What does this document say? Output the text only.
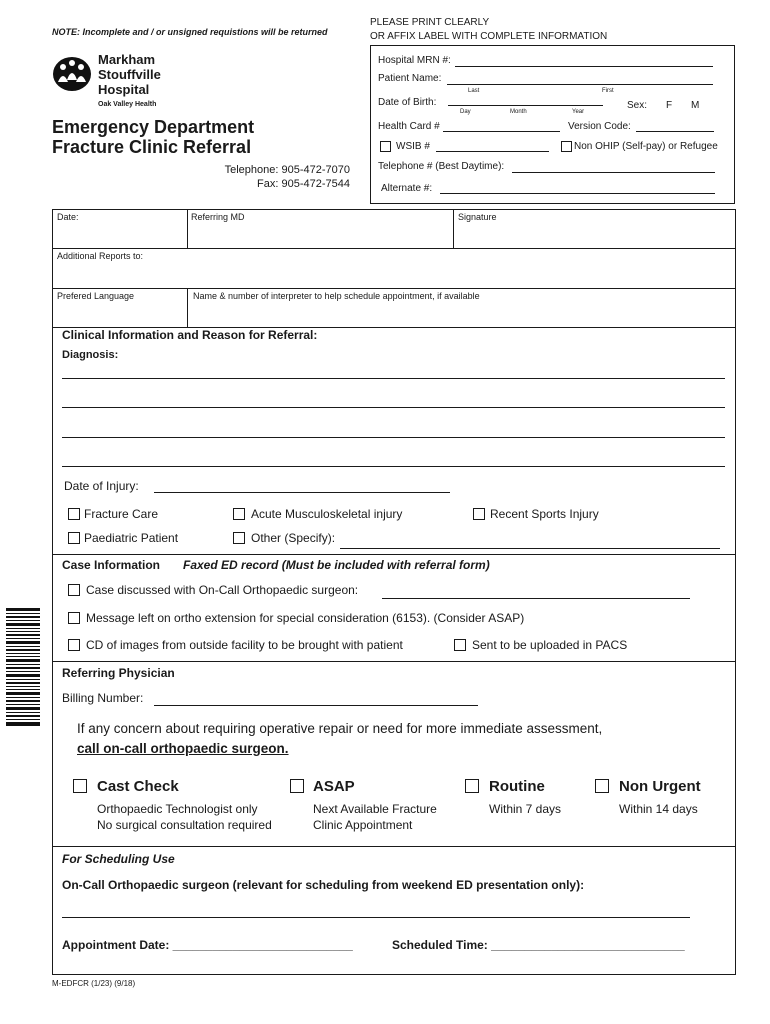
NOTE: Incomplete and / or unsigned requistions will be returned
PLEASE PRINT CLEARLY
OR AFFIX LABEL WITH COMPLETE INFORMATION
Markham
Stouffville
Hospital
Oak Valley Health
Emergency Department
Fracture Clinic Referral
Telephone: 905-472-7070
Fax: 905-472-7544
Hospital MRN #:
Patient Name:
Last	First
Date of Birth:
Day	Month	Year
Sex: F M
Health Card #	Version Code:
WSIB #	Non OHIP (Self-pay) or Refugee
Telephone # (Best Daytime):
Alternate #:
Date:	Referring MD	Signature
Additional Reports to:
Prefered Language	Name & number of interpreter to help schedule appointment, if available
Clinical Information and Reason for Referral:
Diagnosis:
Date of Injury:
Fracture Care	Acute Musculoskeletal injury	Recent Sports Injury
Paediatric Patient	Other (Specify):
Case Information Faxed ED record (Must be included with referral form)
Case discussed with On-Call Orthopaedic surgeon:
Message left on ortho extension for special consideration (6153). (Consider ASAP)
CD of images from outside facility to be brought with patient	Sent to be uploaded in PACS
Referring Physician
Billing Number:
If any concern about requiring operative repair or need for more immediate assessment,
call on-call orthopaedic surgeon.
Cast Check
Orthopaedic Technologist only
No surgical consultation required
ASAP
Next Available Fracture
Clinic Appointment
Routine
Within 7 days
Non Urgent
Within 14 days
For Scheduling Use
On-Call Orthopaedic surgeon (relevant for scheduling from weekend ED presentation only):
Appointment Date: ___________________________	Scheduled Time: _____________________________
M-EDFCR (1/23) (9/18)
